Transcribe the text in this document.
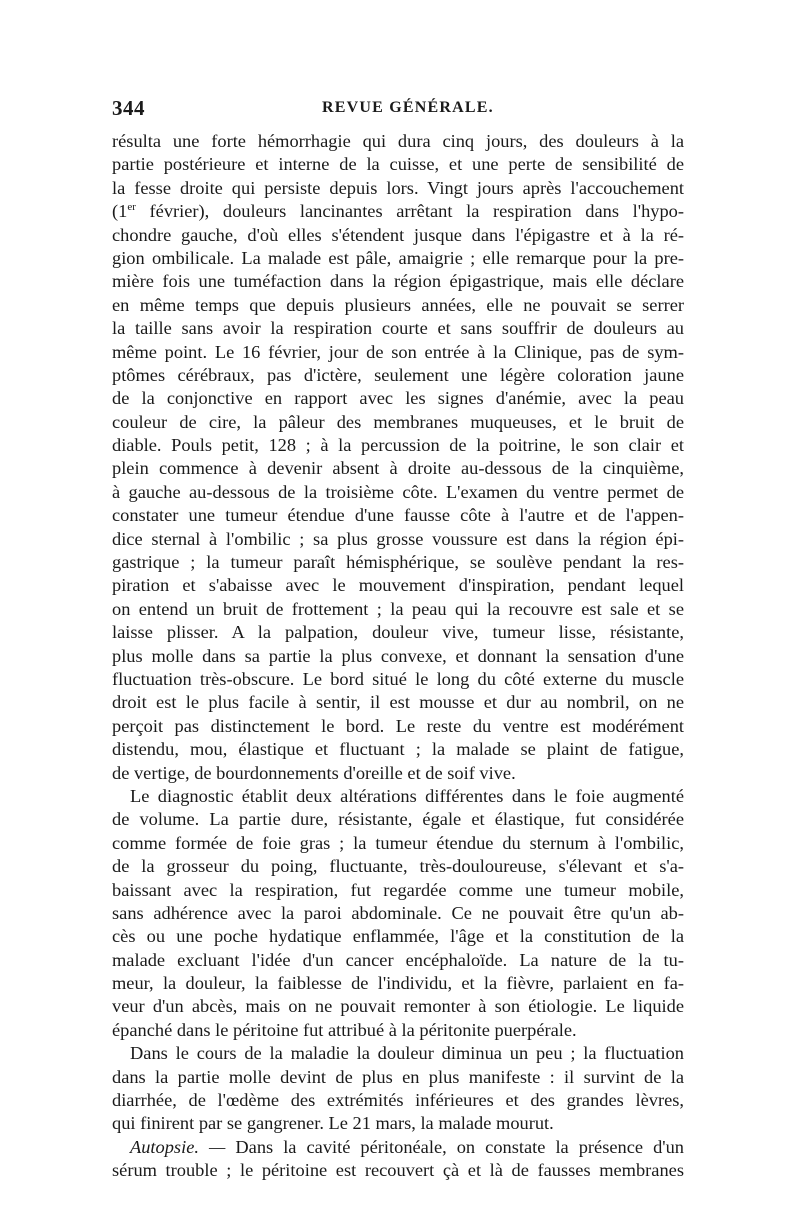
344	REVUE GÉNÉRALE.
résulta une forte hémorrhagie qui dura cinq jours, des douleurs à la
partie postérieure et interne de la cuisse, et une perte de sensibilité de
la fesse droite qui persiste depuis lors. Vingt jours après l'accouchement
(1er février), douleurs lancinantes arrêtant la respiration dans l'hypo-
chondre gauche, d'où elles s'étendent jusque dans l'épigastre et à la ré-
gion ombilicale. La malade est pâle, amaigrie ; elle remarque pour la pre-
mière fois une tuméfaction dans la région épigastrique, mais elle déclare
en même temps que depuis plusieurs années, elle ne pouvait se serrer
la taille sans avoir la respiration courte et sans souffrir de douleurs au
même point. Le 16 février, jour de son entrée à la Clinique, pas de sym-
ptômes cérébraux, pas d'ictère, seulement une légère coloration jaune
de la conjonctive en rapport avec les signes d'anémie, avec la peau
couleur de cire, la pâleur des membranes muqueuses, et le bruit de
diable. Pouls petit, 128 ; à la percussion de la poitrine, le son clair et
plein commence à devenir absent à droite au-dessous de la cinquième,
à gauche au-dessous de la troisième côte. L'examen du ventre permet de
constater une tumeur étendue d'une fausse côte à l'autre et de l'appen-
dice sternal à l'ombilic ; sa plus grosse voussure est dans la région épi-
gastrique ; la tumeur paraît hémisphérique, se soulève pendant la res-
piration et s'abaisse avec le mouvement d'inspiration, pendant lequel
on entend un bruit de frottement ; la peau qui la recouvre est sale et se
laisse plisser. A la palpation, douleur vive, tumeur lisse, résistante,
plus molle dans sa partie la plus convexe, et donnant la sensation d'une
fluctuation très-obscure. Le bord situé le long du côté externe du muscle
droit est le plus facile à sentir, il est mousse et dur au nombril, on ne
perçoit pas distinctement le bord. Le reste du ventre est modérément
distendu, mou, élastique et fluctuant ; la malade se plaint de fatigue,
de vertige, de bourdonnements d'oreille et de soif vive.
Le diagnostic établit deux altérations différentes dans le foie augmenté
de volume. La partie dure, résistante, égale et élastique, fut considérée
comme formée de foie gras ; la tumeur étendue du sternum à l'ombilic,
de la grosseur du poing, fluctuante, très-douloureuse, s'élevant et s'a-
baissant avec la respiration, fut regardée comme une tumeur mobile,
sans adhérence avec la paroi abdominale. Ce ne pouvait être qu'un ab-
cès ou une poche hydatique enflammée, l'âge et la constitution de la
malade excluant l'idée d'un cancer encéphaloïde. La nature de la tu-
meur, la douleur, la faiblesse de l'individu, et la fièvre, parlaient en fa-
veur d'un abcès, mais on ne pouvait remonter à son étiologie. Le liquide
épanché dans le péritoine fut attribué à la péritonite puerpérale.
Dans le cours de la maladie la douleur diminua un peu ; la fluctuation
dans la partie molle devint de plus en plus manifeste : il survint de la
diarrhée, de l'œdème des extrémités inférieures et des grandes lèvres,
qui finirent par se gangrener. Le 21 mars, la malade mourut.
Autopsie. — Dans la cavité péritonéale, on constate la présence d'un
sérum trouble ; le péritoine est recouvert çà et là de fausses membranes
